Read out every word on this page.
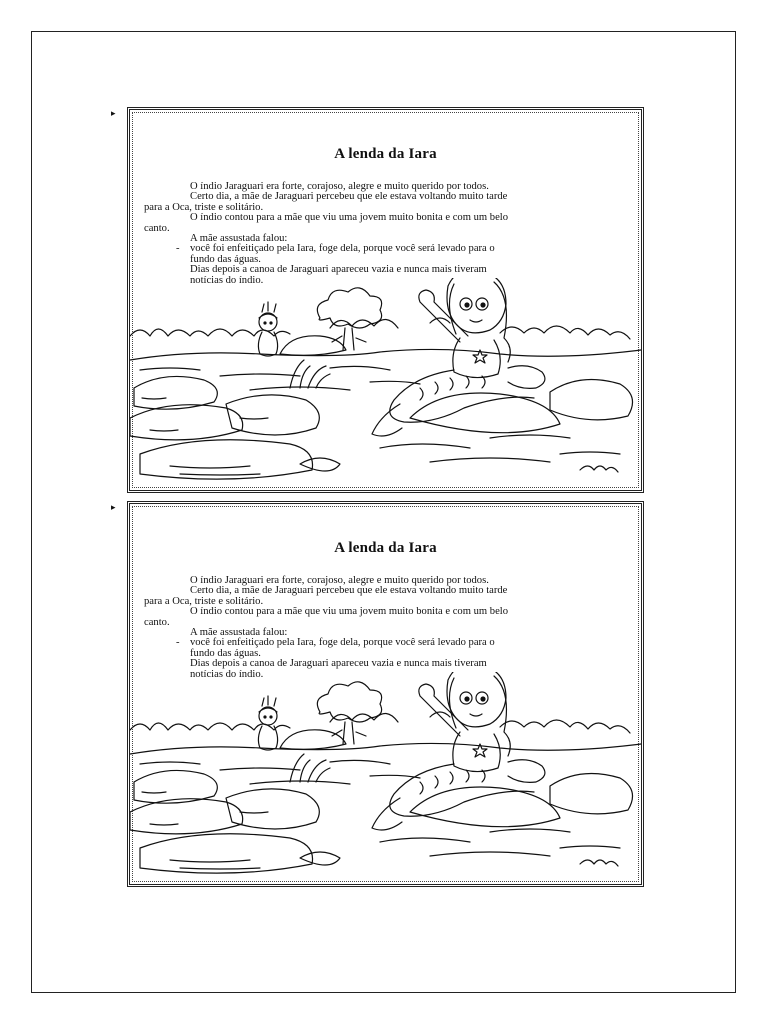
▸
A lenda da Iara

O índio Jaraguari era forte, corajoso, alegre e muito querido por todos.

Certo dia, a mãe de Jaraguari percebeu que ele estava voltando muito tarde

para a Oca, triste e solitário.

O índio contou para a mãe que viu uma jovem muito bonita e com um belo

canto.

A mãe assustada falou:

- você foi enfeitiçado pela Iara, foge dela, porque você será levado para o

fundo das águas.

Dias depois a canoa de Jaraguari apareceu vazia e nunca mais tiveram

notícias do índio.

▸
A lenda da Iara

O índio Jaraguari era forte, corajoso, alegre e muito querido por todos.

Certo dia, a mãe de Jaraguari percebeu que ele estava voltando muito tarde

para a Oca, triste e solitário.

O índio contou para a mãe que viu uma jovem muito bonita e com um belo

canto.

A mãe assustada falou:

- você foi enfeitiçado pela Iara, foge dela, porque você será levado para o

fundo das águas.

Dias depois a canoa de Jaraguari apareceu vazia e nunca mais tiveram

notícias do índio.
